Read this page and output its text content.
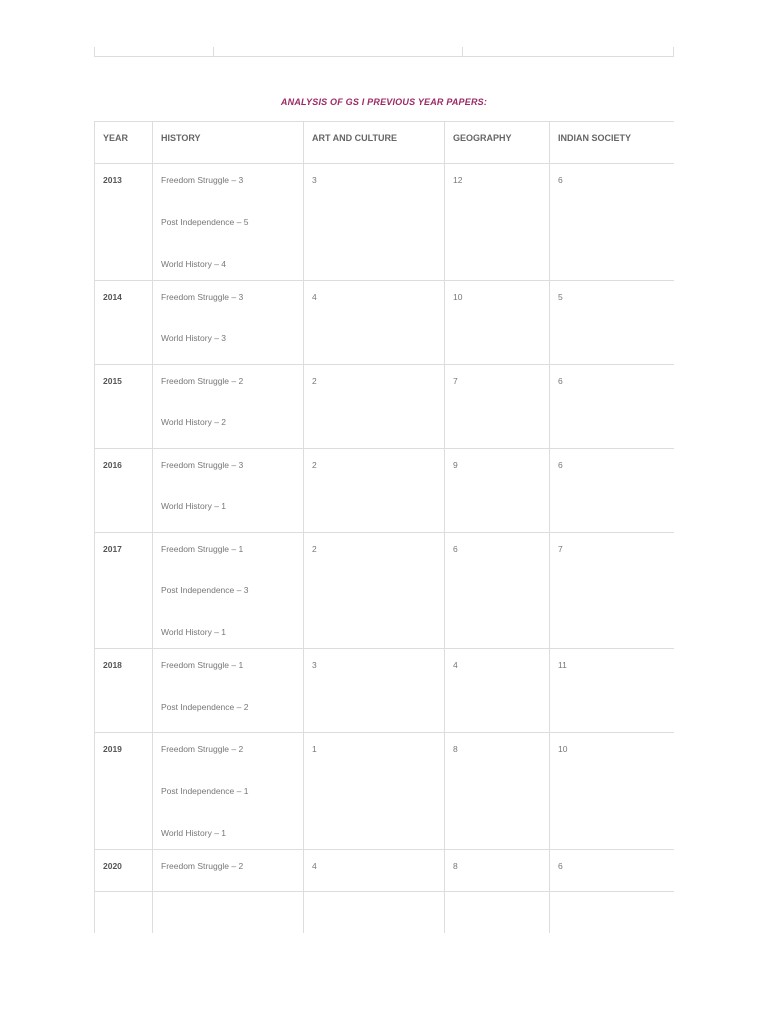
ANALYSIS OF GS I PREVIOUS YEAR PAPERS:
YEAR	HISTORY	ART AND CULTURE	GEOGRAPHY	INDIAN SOCIETY
2013	Freedom Struggle – 3
Post Independence – 5
World History – 4	3	12	6
2014	Freedom Struggle – 3
World History – 3	4	10	5
2015	Freedom Struggle – 2
World History – 2	2	7	6
2016	Freedom Struggle – 3
World History – 1	2	9	6
2017	Freedom Struggle – 1
Post Independence – 3
World History – 1	2	6	7
2018	Freedom Struggle – 1
Post Independence – 2	3	4	11
2019	Freedom Struggle – 2
Post Independence – 1
World History – 1	1	8	10
2020	Freedom Struggle – 2	4	8	6
